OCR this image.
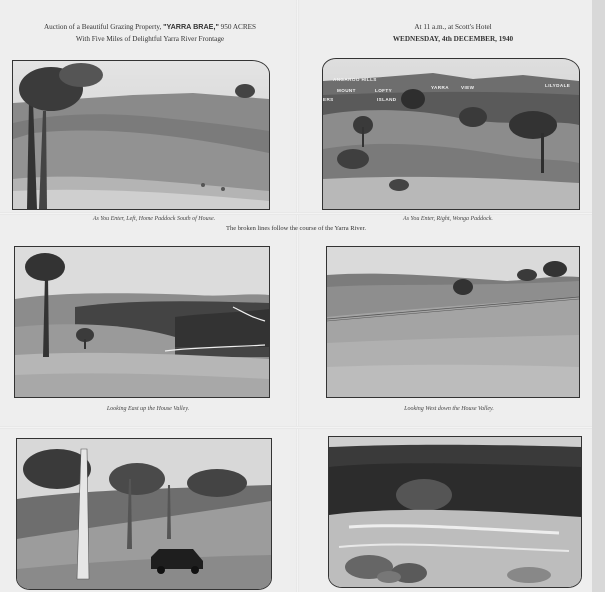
Auction of a Beautiful Grazing Property, "YARRA BRAE," 950 ACRES
With Five Miles of Delightful Yarra River Frontage
At 11 a.m., at Scott's Hotel
WEDNESDAY, 4th DECEMBER, 1940
ANGAROO HILLS
MOUNT	LOFTY
YARRA	VIEW	LILYDALE
ERS	ISLAND
As You Enter, Left, Home Paddock South of House.	As You Enter, Right, Wonga Paddock.
The broken lines follow the course of the Yarra River.
Looking East up the House Valley.	Looking West down the House Valley.
